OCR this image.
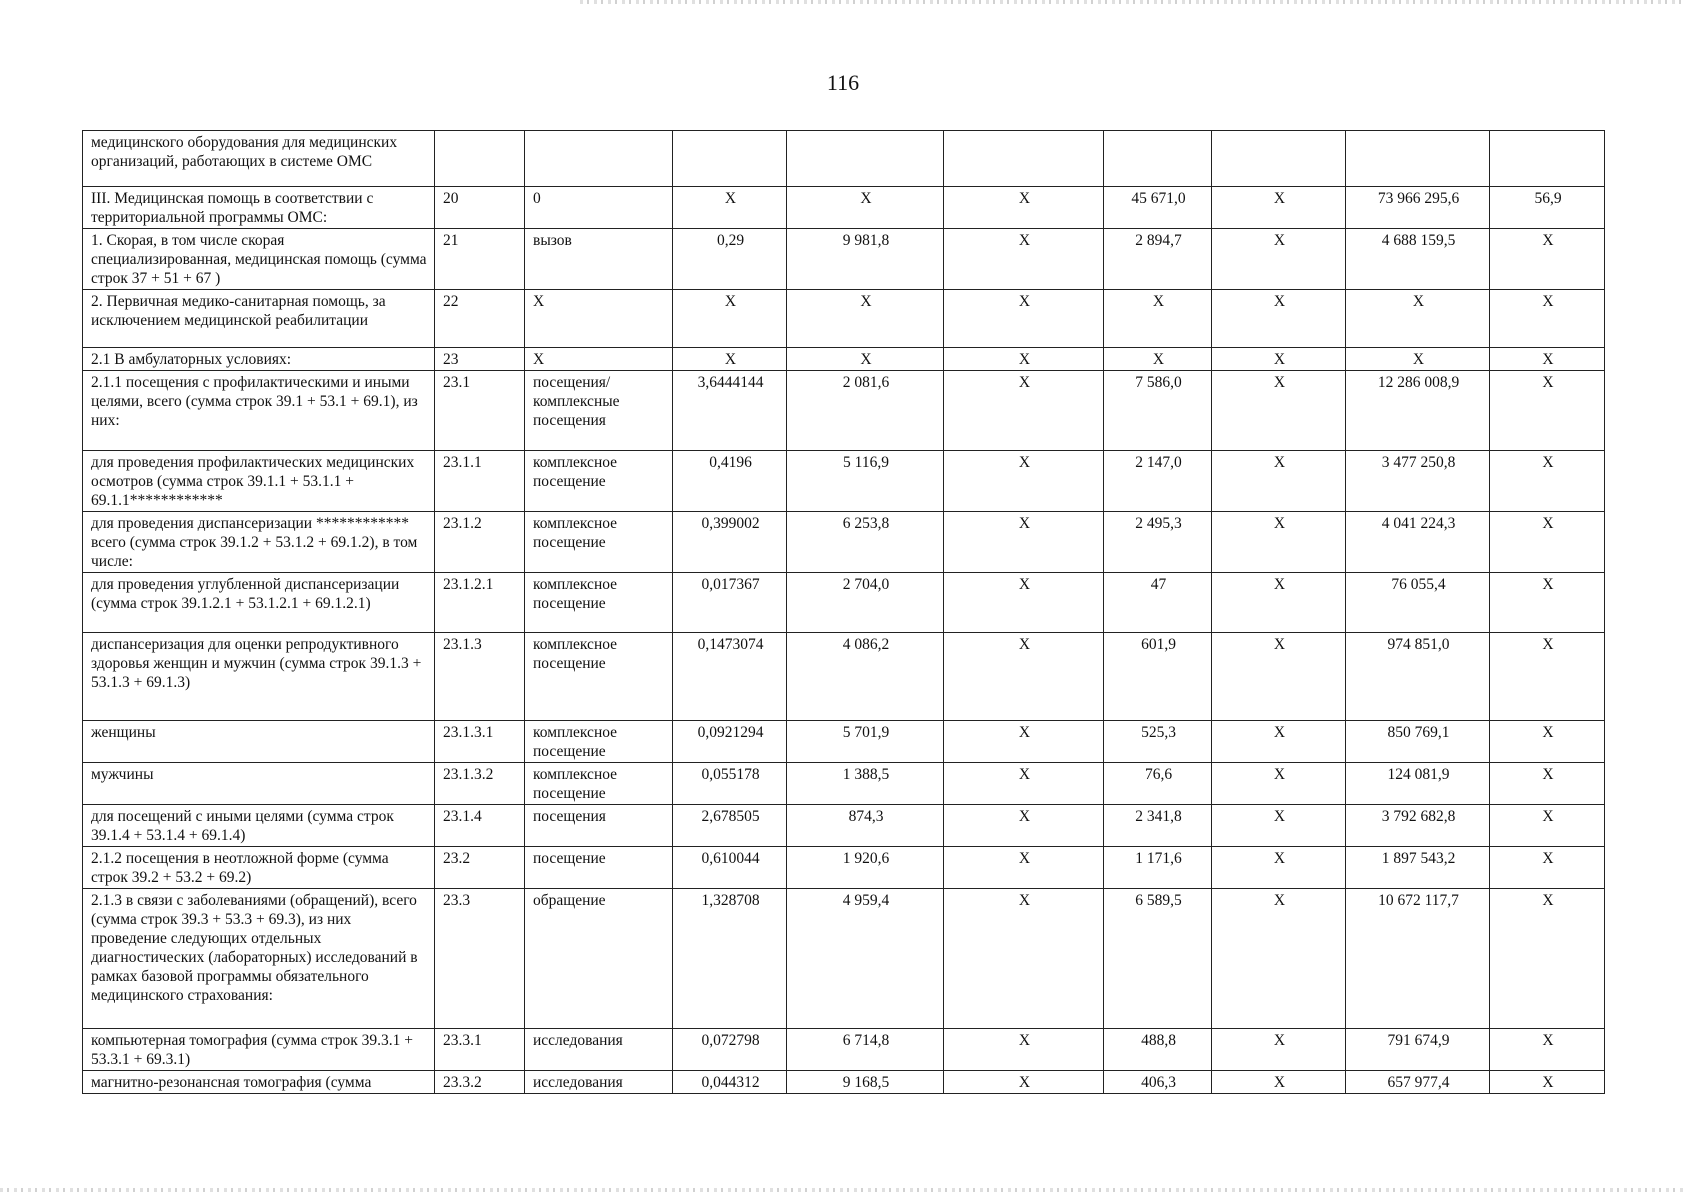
116
медицинского оборудования для медицинских организаций, работающих в системе ОМС									
III. Медицинская помощь в соответствии с территориальной программы ОМС:	20	0	X	X	X	45 671,0	X	73 966 295,6	56,9
1. Скорая, в том числе скорая специализированная, медицинская помощь (сумма строк 37 + 51 + 67 )	21	вызов	0,29	9 981,8	X	2 894,7	X	4 688 159,5	X
2. Первичная медико-санитарная помощь, за исключением медицинской реабилитации	22	X	X	X	X	X	X	X	X
2.1 В амбулаторных условиях:	23	X	X	X	X	X	X	X	X
2.1.1 посещения с профилактическими и иными целями, всего (сумма строк 39.1 + 53.1 + 69.1), из них:	23.1	посещения/комплексные посещения	3,6444144	2 081,6	X	7 586,0	X	12 286 008,9	X
для проведения профилактических медицинских осмотров (сумма строк 39.1.1 + 53.1.1 + 69.1.1************	23.1.1	комплексное посещение	0,4196	5 116,9	X	2 147,0	X	3 477 250,8	X
для проведения диспансеризации ************ всего (сумма строк 39.1.2 + 53.1.2 + 69.1.2), в том числе:	23.1.2	комплексное посещение	0,399002	6 253,8	X	2 495,3	X	4 041 224,3	X
для проведения углубленной диспансеризации (сумма строк 39.1.2.1 + 53.1.2.1 + 69.1.2.1)	23.1.2.1	комплексное посещение	0,017367	2 704,0	X	47	X	76 055,4	X
диспансеризация для оценки репродуктивного здоровья женщин и мужчин (сумма строк 39.1.3 + 53.1.3 + 69.1.3)	23.1.3	комплексное посещение	0,1473074	4 086,2	X	601,9	X	974 851,0	X
женщины	23.1.3.1	комплексное посещение	0,0921294	5 701,9	X	525,3	X	850 769,1	X
мужчины	23.1.3.2	комплексное посещение	0,055178	1 388,5	X	76,6	X	124 081,9	X
для посещений с иными целями (сумма строк 39.1.4 + 53.1.4 + 69.1.4)	23.1.4	посещения	2,678505	874,3	X	2 341,8	X	3 792 682,8	X
2.1.2 посещения в неотложной форме (сумма строк 39.2 + 53.2 + 69.2)	23.2	посещение	0,610044	1 920,6	X	1 171,6	X	1 897 543,2	X
2.1.3 в связи с заболеваниями (обращений), всего (сумма строк 39.3 + 53.3 + 69.3), из них проведение следующих отдельных диагностических (лабораторных) исследований в рамках базовой программы обязательного медицинского страхования:	23.3	обращение	1,328708	4 959,4	X	6 589,5	X	10 672 117,7	X
компьютерная томография (сумма строк 39.3.1 + 53.3.1 + 69.3.1)	23.3.1	исследования	0,072798	6 714,8	X	488,8	X	791 674,9	X
магнитно-резонансная томография (сумма	23.3.2	исследования	0,044312	9 168,5	X	406,3	X	657 977,4	X
